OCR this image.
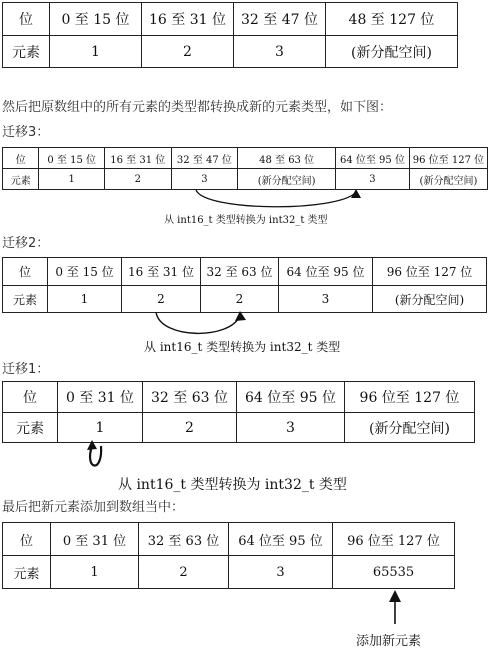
位	0 至 15 位	16 至 31 位	32 至 47 位	48 至 127 位
元素	1	2	3	(新分配空间)

然后把原数组中的所有元素的类型都转换成新的元素类型，如下图：

迁移3：

位	0 至 15 位	16 至 31 位	32 至 47 位	48 至 63 位	64 位至 95 位	96 位至 127 位
元素	1	2	3	(新分配空间)	3	(新分配空间)
从 int16_t 类型转换为 int32_t 类型

迁移2：

位	0 至 15 位	16 至 31 位	32 至 63 位	64 位至 95 位	96 位至 127 位
元素	1	2	2	3	(新分配空间)
从 int16_t 类型转换为 int32_t 类型

迁移1：

位	0 至 31 位	32 至 63 位	64 位至 95 位	96 位至 127 位
元素	1	2	3	(新分配空间)
从 int16_t 类型转换为 int32_t 类型

最后把新元素添加到数组当中：

位	0 至 31 位	32 至 63 位	64 位至 95 位	96 位至 127 位
元素	1	2	3	65535
添加新元素
